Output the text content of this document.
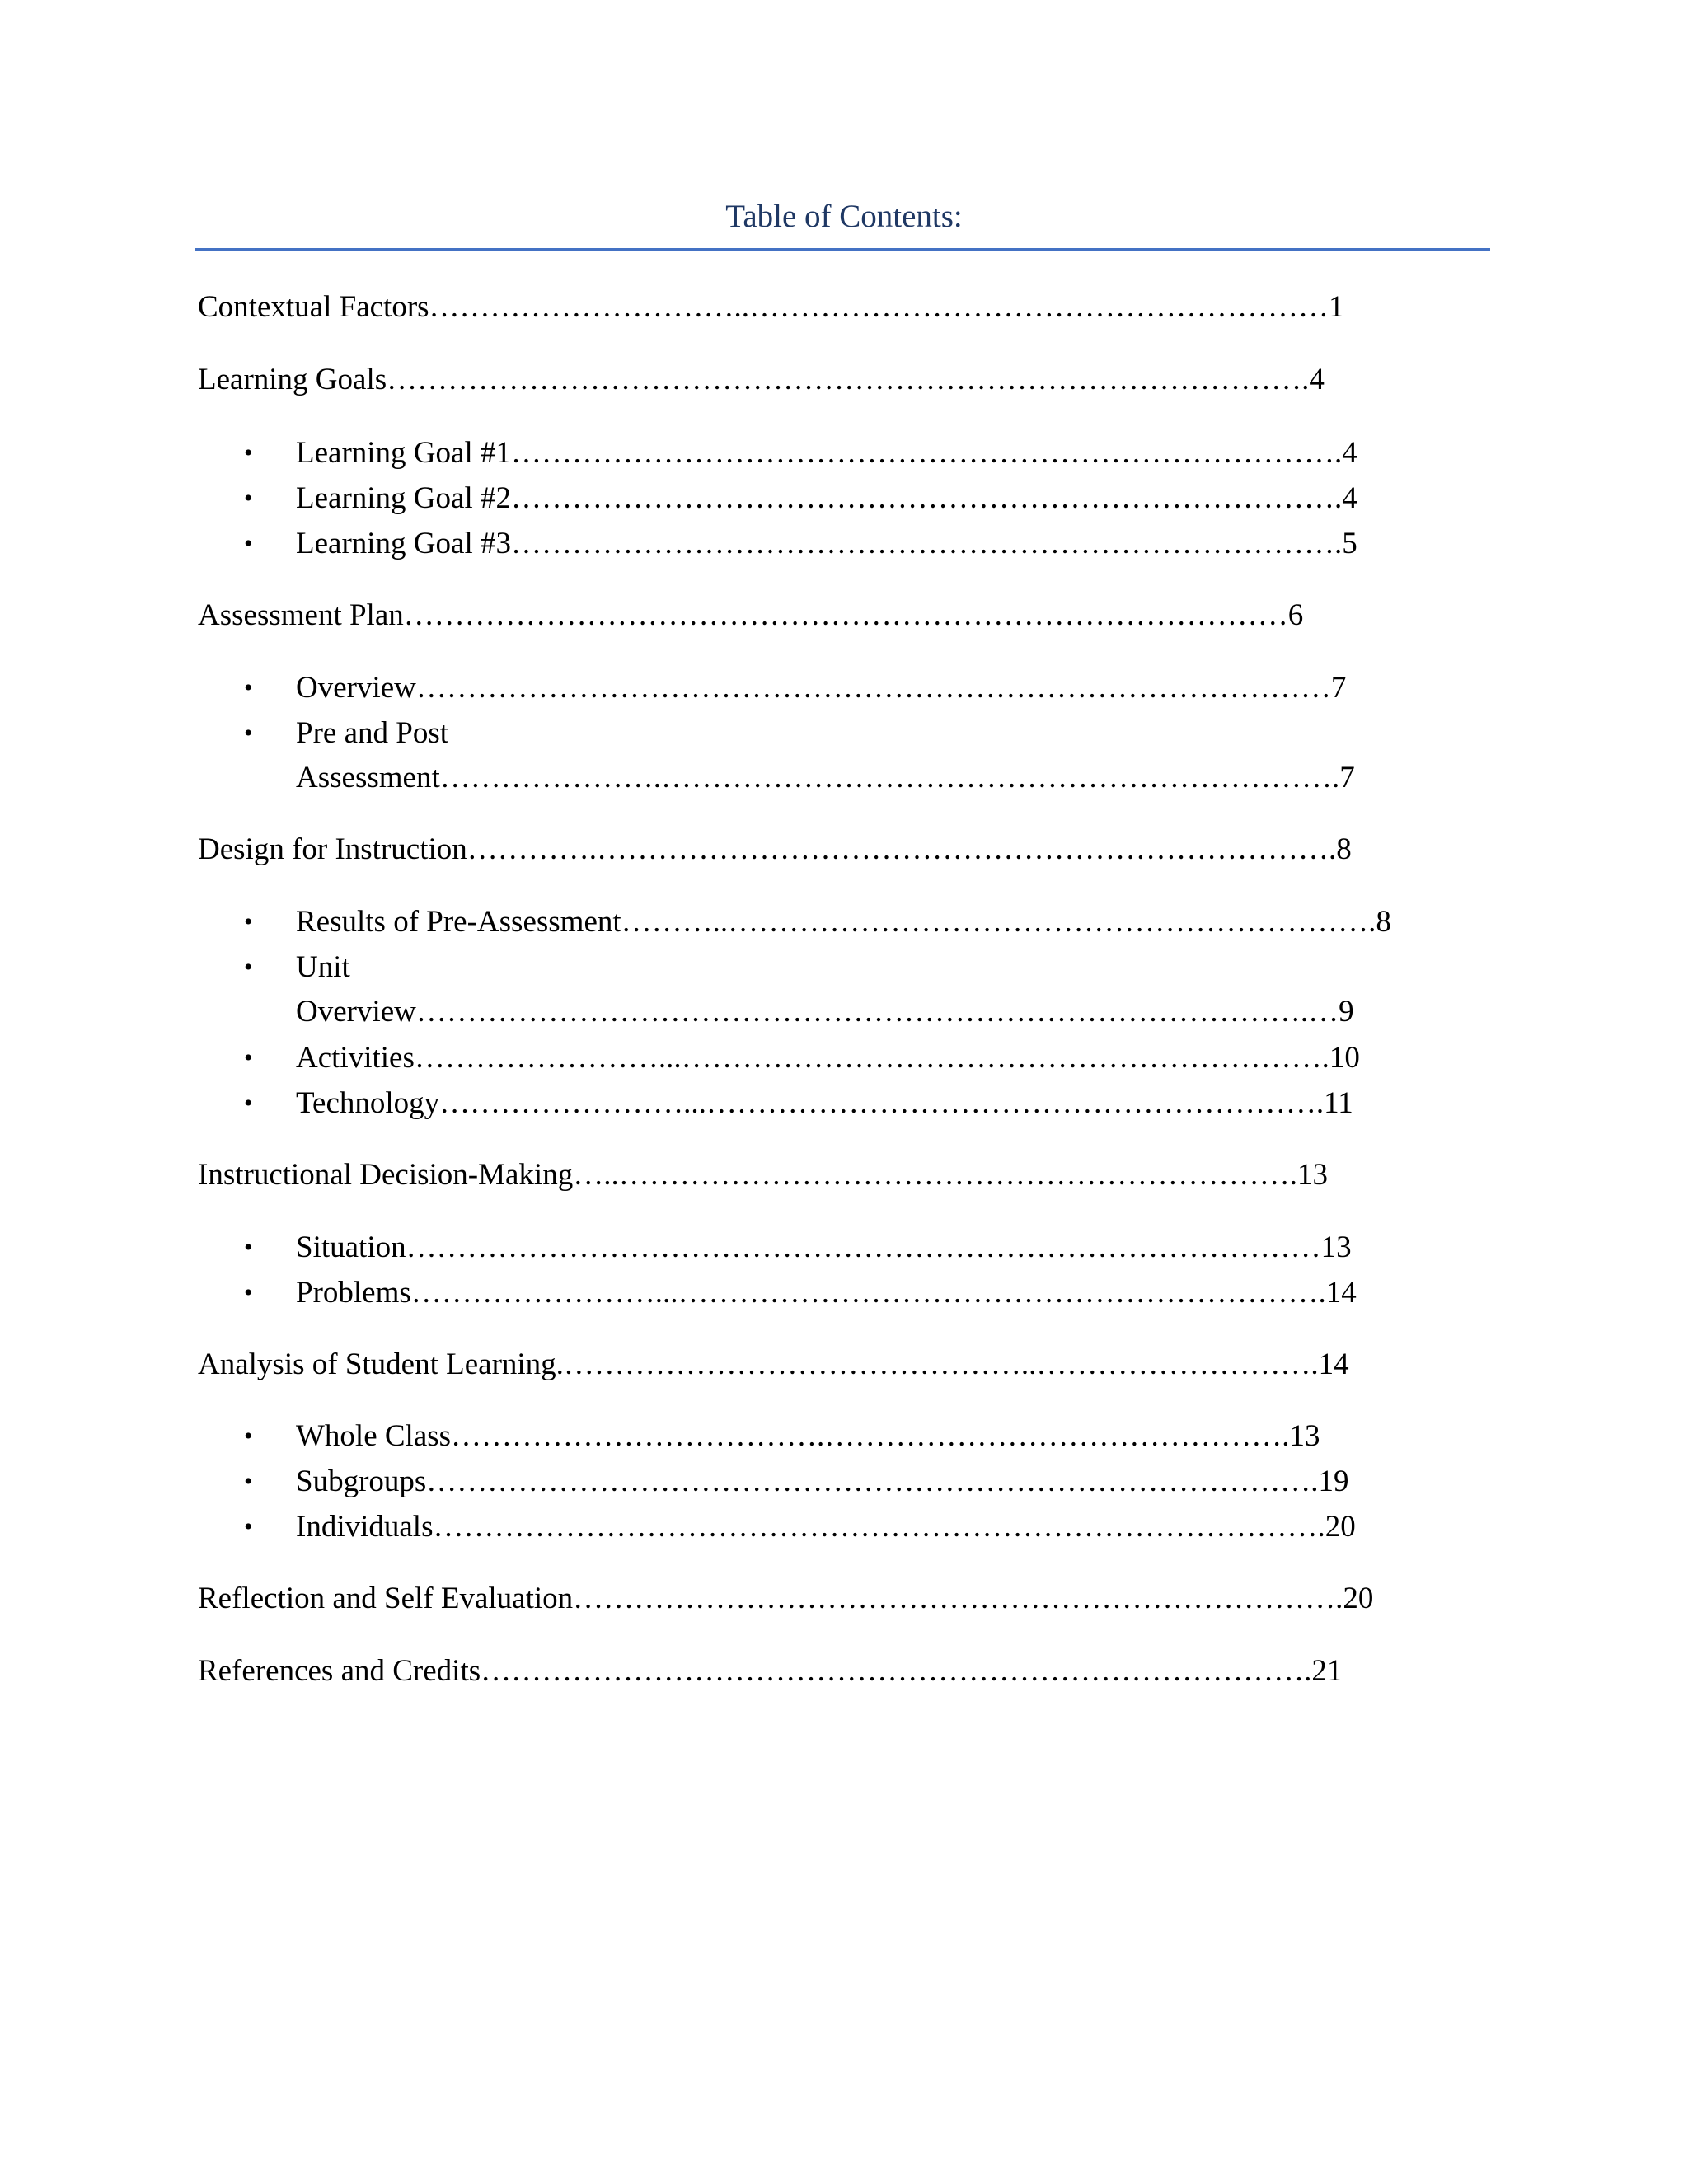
Table of Contents:

Contextual Factors…………………………..…………………………………………………1

Learning Goals……………………………………………………………………………….4

• Learning Goal #1……………………………………………………………………….4

• Learning Goal #2……………………………………………………………………….4

• Learning Goal #3……………………………………………………………………….5

Assessment Plan……………………………………………………………………………6

• Overview………………………………………………………………………………7

• Pre and Post

Assessment………………….………………………………………………………….7

Design for Instruction………….……………………………………………………………….8

• Results of Pre-Assessment………..……………………………………………………….8

• Unit

Overview…………………………………………………………………………….…9

• Activities……………………...……………………………………………………….10

• Technology……………………...…………………………………………………….11

Instructional Decision-Making…..………………………………………………………….13

• Situation………………………………………………………………………………13

• Problems……………………...……………………………………………………….14

Analysis of Student Learning.………………………………………..……………………….14

• Whole Class……………………………….……………………………………….13

• Subgroups…………………………………………………………………………….19

• Individuals…………………………………………………………………………….20

Reflection and Self Evaluation………………………………………………………………….20

References and Credits……………………………………………………………………….21
